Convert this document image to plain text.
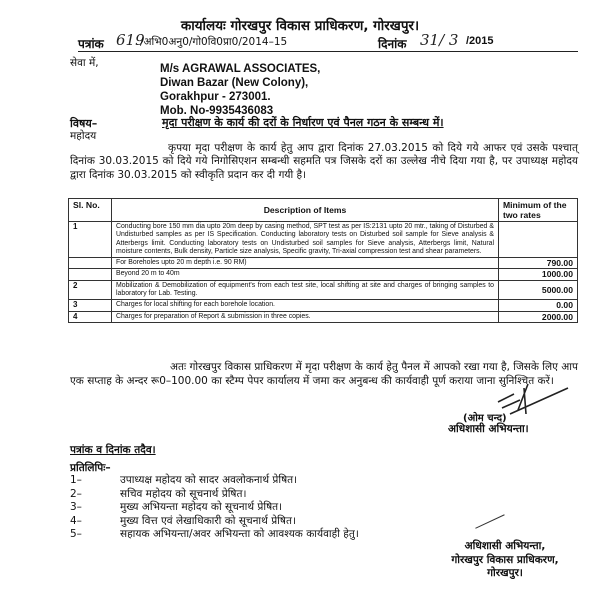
कार्यालयः गोरखपुर विकास प्राधिकरण, गोरखपुर।
पत्रांक 619
/अभि0अनु0/गो0वि0प्रा0/2014–15	दिनांक 31/ 3 /2015
सेवा में,	M/s AGRAWAL ASSOCIATES,
Diwan Bazar (New Colony),
Gorakhpur - 273001.
Mob. No-9935436083
विषय–	मृदा परीक्षण के कार्य की दरों के निर्धारण एवं पैनल गठन के सम्बन्ध में।
महोदय
कृपया मृदा परीक्षण के कार्य हेतु आप द्वारा दिनांक 27.03.2015 को दिये गये आफर एवं उसके पश्चात् दिनांक 30.03.2015 को दिये गये निगोसिएशन सम्बन्धी सहमति पत्र जिसके दरों का उल्लेख नीचे दिया गया है, पर उपाध्यक्ष महोदय द्वारा दिनांक 30.03.2015 को स्वीकृति प्रदान कर दी गयी है।
Sl. No.	Description of Items	Minimum of the two rates
1	Conducting bore 150 mm dia upto 20m deep by casing method, SPT test as per IS:2131 upto 20 mtr., taking of Disturbed & Undisturbed samples as per IS Specification. Conducting laboratory tests on Disturbed soil sample for Sieve analysis & Atterbergs limit. Conducting laboratory tests on Undisturbed soil samples for Sieve analysis, Atterbergs limit, Natural moisture contents, Bulk density, Particle size analysis, Specific gravity, Tri-axial compression test and shear parameters.	
	For Boreholes upto 20 m depth i.e. 90 RM)	790.00
	Beyond 20 m to 40m	1000.00
2	Mobilization & Demobilization of equipment's from each test site, local shifting at site and charges of bringing samples to laboratory for Lab. Testing.	5000.00
3	Charges for local shifting for each borehole location.	0.00
4	Charges for preparation of Report & submission in three copies.	2000.00
अतः गोरखपुर विकास प्राधिकरण में मृदा परीक्षण के कार्य हेतु पैनल में आपको रखा गया है, जिसके लिए आप एक सप्ताह के अन्दर रू0–100.00 का स्टैम्प पेपर कार्यालय में जमा कर अनुबन्ध की कार्यवाही पूर्ण कराया जाना सुनिश्चित करें।
(ओम चन्द)
अधिशासी अभियन्ता।
पत्रांक व दिनांक तदैव।
प्रतिलिपिः–
1–	उपाध्यक्ष महोदय को सादर अवलोकनार्थ प्रेषित।
2–	सचिव महोदय को सूचनार्थ प्रेषित।
3–	मुख्य अभियन्ता महोदय को सूचनार्थ प्रेषित।
4–	मुख्य वित्त एवं लेखाधिकारी को सूचनार्थ प्रेषित।
5–	सहायक अभियन्ता/अवर अभियन्ता को आवश्यक कार्यवाही हेतु।
अधिशासी अभियन्ता,
गोरखपुर विकास प्राधिकरण,
गोरखपुर।
